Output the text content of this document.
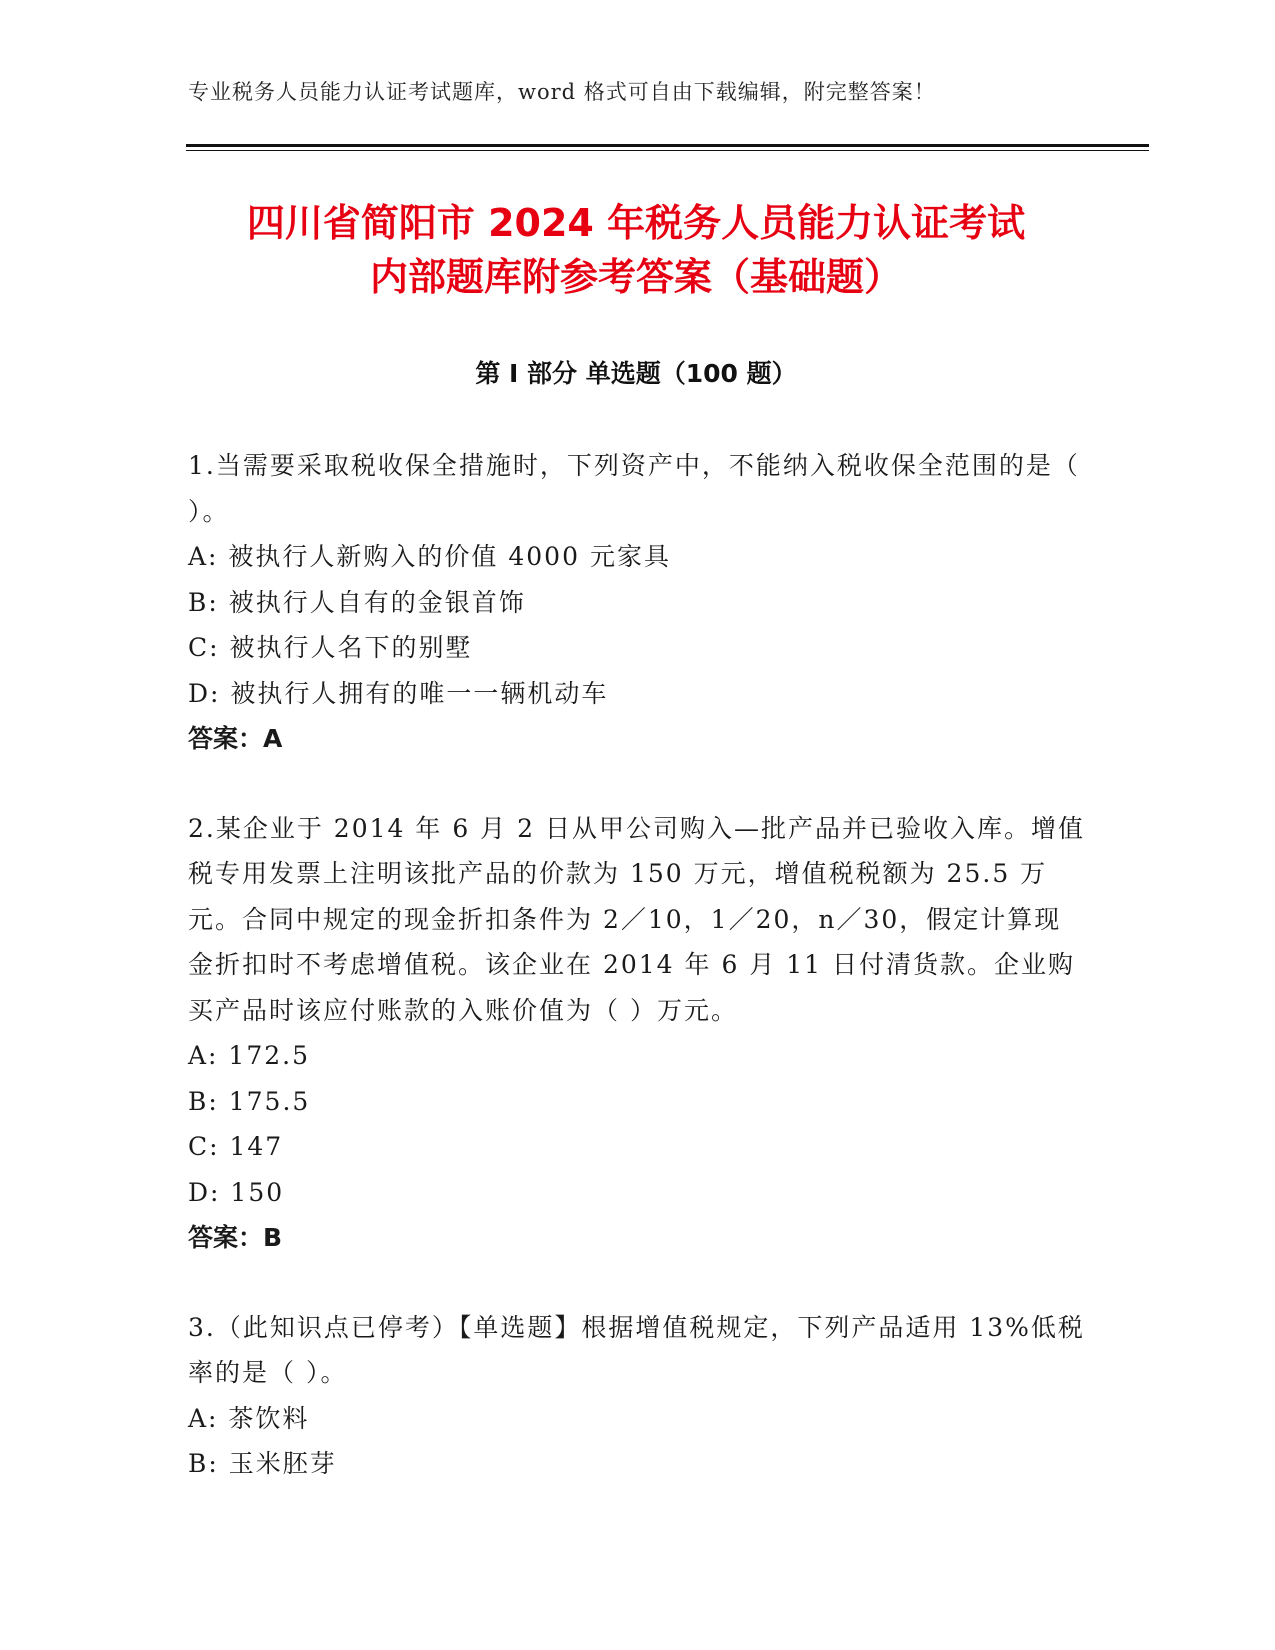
专业税务人员能力认证考试题库，word 格式可自由下载编辑，附完整答案！
四川省简阳市 2024 年税务人员能力认证考试
内部题库附参考答案（基础题）
第 I 部分 单选题（100 题）
1.当需要采取税收保全措施时，下列资产中，不能纳入税收保全范围的是（ ）。
A: 被执行人新购入的价值 4000 元家具
B: 被执行人自有的金银首饰
C: 被执行人名下的别墅
D: 被执行人拥有的唯一一辆机动车
答案：A
2.某企业于 2014 年 6 月 2 日从甲公司购入—批产品并已验收入库。增值税专用发票上注明该批产品的价款为 150 万元，增值税税额为 25.5 万元。合同中规定的现金折扣条件为 2／10，1／20，n／30，假定计算现金折扣时不考虑增值税。该企业在 2014 年 6 月 11 日付清货款。企业购买产品时该应付账款的入账价值为（ ）万元。
A: 172.5
B: 175.5
C: 147
D: 150
答案：B
3.（此知识点已停考）【单选题】根据增值税规定，下列产品适用 13%低税率的是（ ）。
A: 茶饮料
B: 玉米胚芽
